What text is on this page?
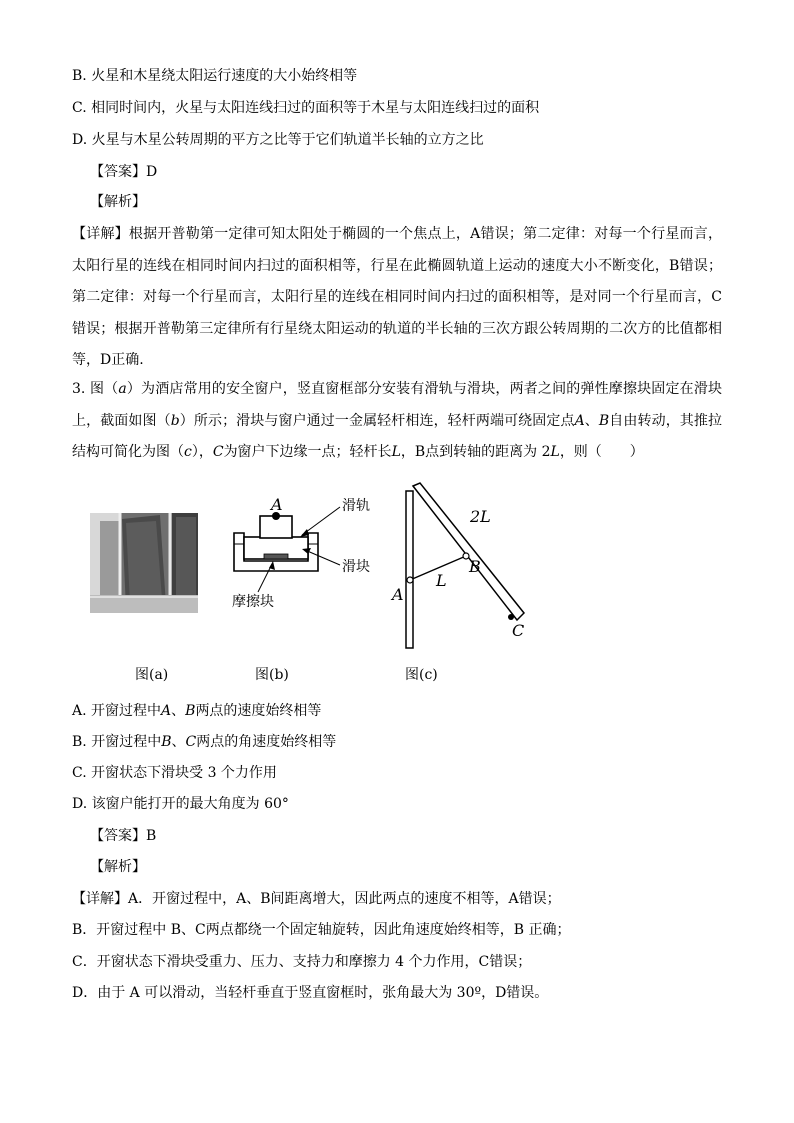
B. 火星和木星绕太阳运行速度的大小始终相等
C. 相同时间内，火星与太阳连线扫过的面积等于木星与太阳连线扫过的面积
D. 火星与木星公转周期的平方之比等于它们轨道半长轴的立方之比
【答案】D
【解析】
【详解】根据开普勒第一定律可知太阳处于椭圆的一个焦点上，A错误；第二定律：对每一个行星而言，太阳行星的连线在相同时间内扫过的面积相等，行星在此椭圆轨道上运动的速度大小不断变化，B错误；第二定律：对每一个行星而言，太阳行星的连线在相同时间内扫过的面积相等，是对同一个行星而言，C错误；根据开普勒第三定律所有行星绕太阳运动的轨道的半长轴的三次方跟公转周期的二次方的比值都相等，D正确.
3. 图（a）为酒店常用的安全窗户，竖直窗框部分安装有滑轨与滑块，两者之间的弹性摩擦块固定在滑块上，截面如图（b）所示；滑块与窗户通过一金属轻杆相连，轻杆两端可绕固定点A、B自由转动，其推拉结构可简化为图（c），C为窗户下边缘一点；轻杆长L，B点到转轴的距离为 2L，则（　　）
A	滑轨
滑块
摩擦块
2L
L
A
B
C
图(a)	图(b)	图(c)
A. 开窗过程中A、B两点的速度始终相等
B. 开窗过程中B、C两点的角速度始终相等
C. 开窗状态下滑块受 3 个力作用
D. 该窗户能打开的最大角度为 60°
【答案】B
【解析】
【详解】A．开窗过程中，A、B间距离增大，因此两点的速度不相等，A错误；
B．开窗过程中 B、C两点都绕一个固定轴旋转，因此角速度始终相等，B 正确；
C．开窗状态下滑块受重力、压力、支持力和摩擦力 4 个力作用，C错误；
D．由于 A 可以滑动，当轻杆垂直于竖直窗框时，张角最大为 30º，D错误。
